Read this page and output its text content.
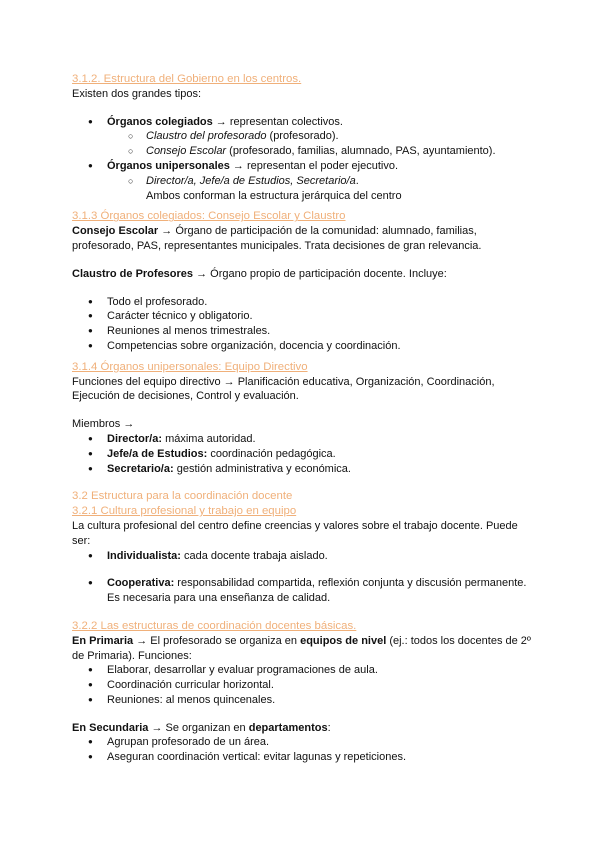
3.1.2. Estructura del Gobierno en los centros.

Existen dos grandes tipos:

● Órganos colegiados → representan colectivos.
○ Claustro del profesorado (profesorado).
○ Consejo Escolar (profesorado, familias, alumnado, PAS, ayuntamiento).
● Órganos unipersonales → representan el poder ejecutivo.
○ Director/a, Jefe/a de Estudios, Secretario/a.
Ambos conforman la estructura jerárquica del centro

3.1.3 Órganos colegiados: Consejo Escolar y Claustro

Consejo Escolar → Órgano de participación de la comunidad: alumnado, familias, profesorado, PAS, representantes municipales. Trata decisiones de gran relevancia.

Claustro de Profesores → Órgano propio de participación docente. Incluye:

● Todo el profesorado.
● Carácter técnico y obligatorio.
● Reuniones al menos trimestrales.
● Competencias sobre organización, docencia y coordinación.

3.1.4 Órganos unipersonales: Equipo Directivo

Funciones del equipo directivo → Planificación educativa, Organización, Coordinación, Ejecución de decisiones, Control y evaluación.

Miembros →

● Director/a: máxima autoridad.
● Jefe/a de Estudios: coordinación pedagógica.
● Secretario/a: gestión administrativa y económica.

3.2 Estructura para la coordinación docente

3.2.1 Cultura profesional y trabajo en equipo

La cultura profesional del centro define creencias y valores sobre el trabajo docente. Puede ser:

● Individualista: cada docente trabaja aislado.
● Cooperativa: responsabilidad compartida, reflexión conjunta y discusión permanente. Es necesaria para una enseñanza de calidad.

3.2.2 Las estructuras de coordinación docentes básicas.

En Primaria → El profesorado se organiza en equipos de nivel (ej.: todos los docentes de 2º de Primaria). Funciones:

● Elaborar, desarrollar y evaluar programaciones de aula.
● Coordinación curricular horizontal.
● Reuniones: al menos quincenales.

En Secundaria → Se organizan en departamentos:

● Agrupan profesorado de un área.
● Aseguran coordinación vertical: evitar lagunas y repeticiones.
